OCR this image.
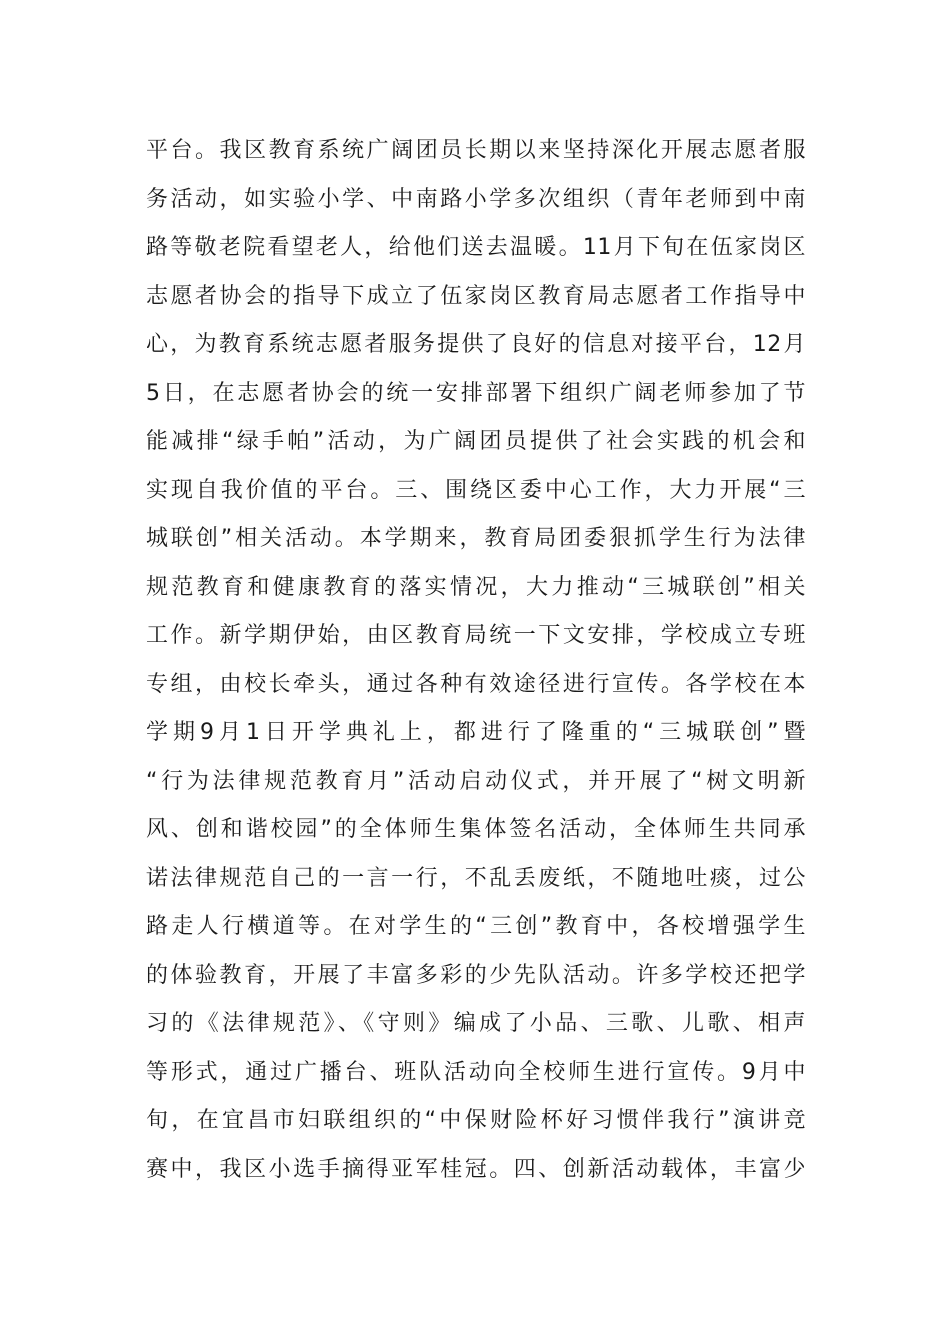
平台。我区教育系统广阔团员长期以来坚持深化开展志愿者服
务活动，如实验小学、中南路小学多次组织（青年老师到中南
路等敬老院看望老人，给他们送去温暖。11月下旬在伍家岗区
志愿者协会的指导下成立了伍家岗区教育局志愿者工作指导中
心，为教育系统志愿者服务提供了良好的信息对接平台，12月
5日，在志愿者协会的统一安排部署下组织广阔老师参加了节
能减排“绿手帕”活动，为广阔团员提供了社会实践的机会和
实现自我价值的平台。三、围绕区委中心工作，大力开展“三
城联创”相关活动。本学期来，教育局团委狠抓学生行为法律
规范教育和健康教育的落实情况，大力推动“三城联创”相关
工作。新学期伊始，由区教育局统一下文安排，学校成立专班
专组，由校长牵头，通过各种有效途径进行宣传。各学校在本
学期9月1日开学典礼上，都进行了隆重的“三城联创”暨
“行为法律规范教育月”活动启动仪式，并开展了“树文明新
风、创和谐校园”的全体师生集体签名活动，全体师生共同承
诺法律规范自己的一言一行，不乱丢废纸，不随地吐痰，过公
路走人行横道等。在对学生的“三创”教育中，各校增强学生
的体验教育，开展了丰富多彩的少先队活动。许多学校还把学
习的《法律规范》、《守则》编成了小品、三歌、儿歌、相声
等形式，通过广播台、班队活动向全校师生进行宣传。9月中
旬，在宜昌市妇联组织的“中保财险杯好习惯伴我行”演讲竞
赛中，我区小选手摘得亚军桂冠。四、创新活动载体，丰富少
